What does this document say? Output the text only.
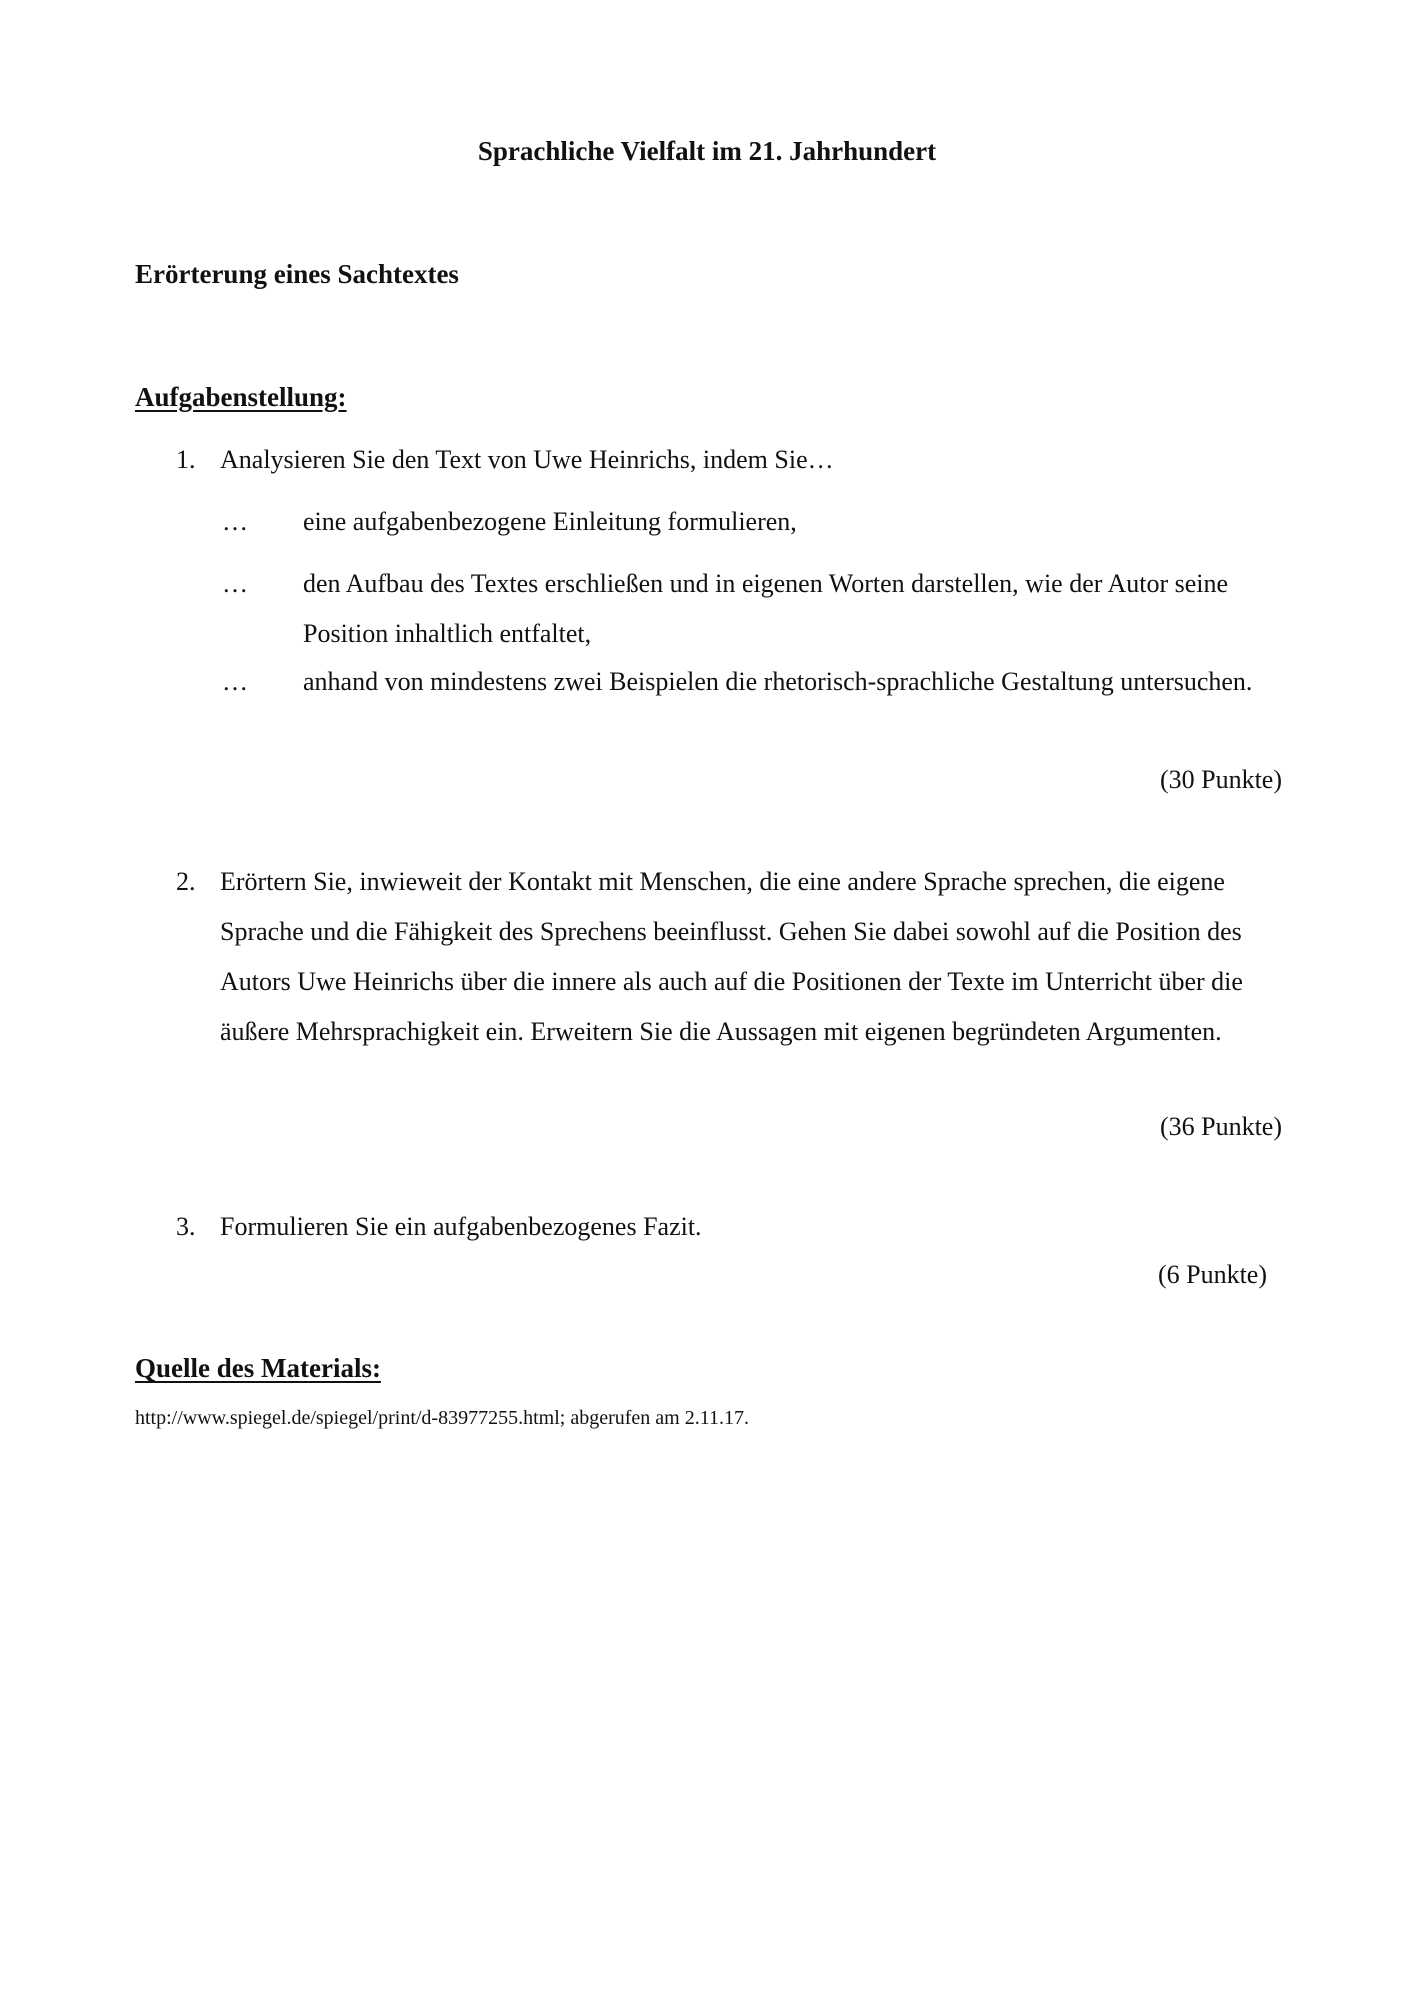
Sprachliche Vielfalt im 21. Jahrhundert
Erörterung eines Sachtextes
Aufgabenstellung:
1. Analysieren Sie den Text von Uwe Heinrichs, indem Sie…
…	eine aufgabenbezogene Einleitung formulieren,
…	den Aufbau des Textes erschließen und in eigenen Worten darstellen, wie der Autor seine Position inhaltlich entfaltet,
…	anhand von mindestens zwei Beispielen die rhetorisch-sprachliche Gestaltung untersuchen.
(30 Punkte)
2. Erörtern Sie, inwieweit der Kontakt mit Menschen, die eine andere Sprache sprechen, die eigene Sprache und die Fähigkeit des Sprechens beeinflusst. Gehen Sie dabei sowohl auf die Position des Autors Uwe Heinrichs über die innere als auch auf die Positionen der Texte im Unterricht über die äußere Mehrsprachigkeit ein. Erweitern Sie die Aussagen mit eigenen begründeten Argumenten.
(36 Punkte)
3. Formulieren Sie ein aufgabenbezogenes Fazit.
(6 Punkte)
Quelle des Materials:
http://www.spiegel.de/spiegel/print/d-83977255.html; abgerufen am 2.11.17.
